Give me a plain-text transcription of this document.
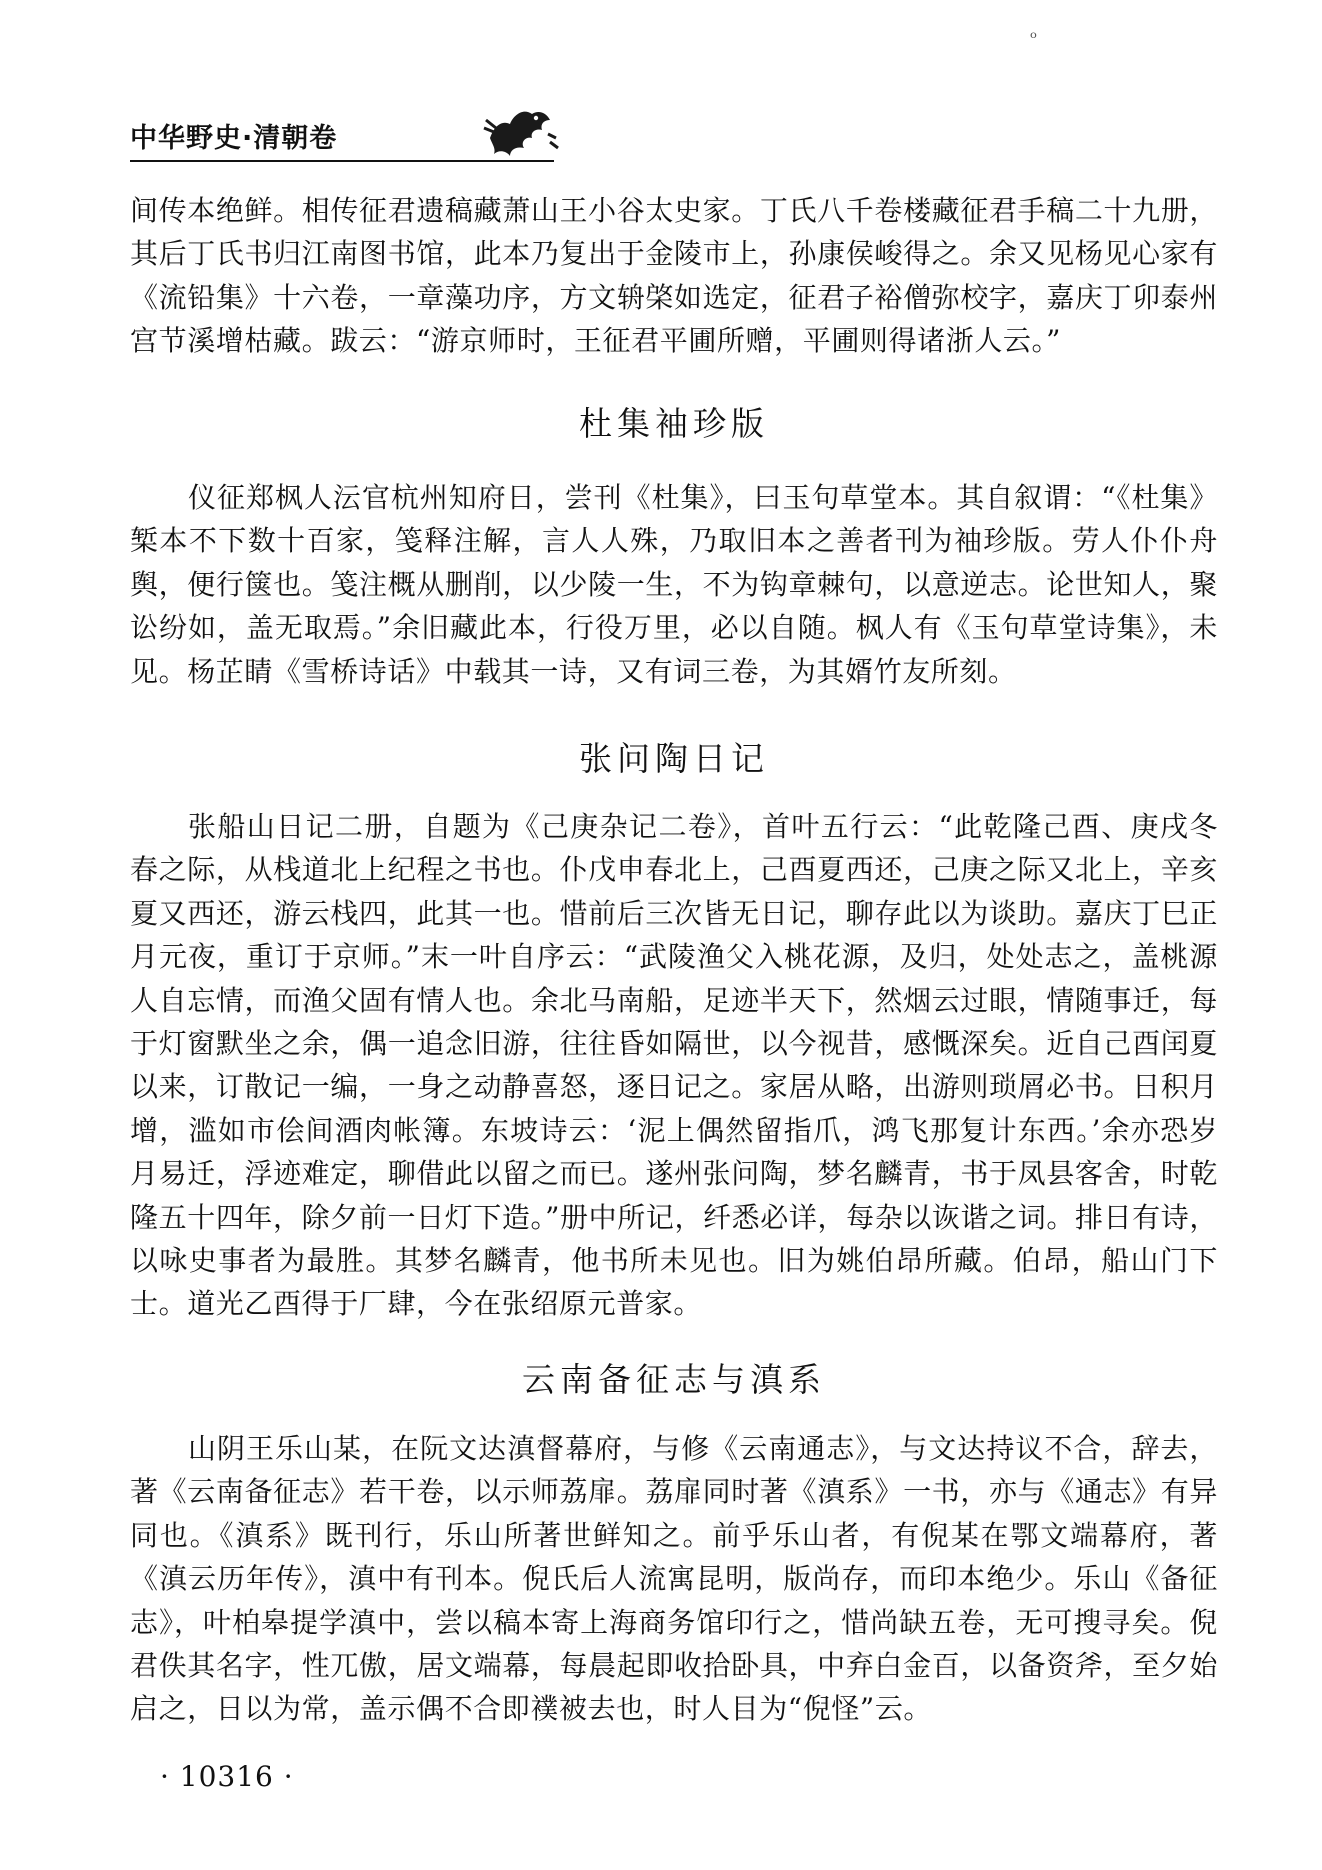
ₒ
中华野史·清朝卷

间传本绝鲜。相传征君遗稿藏萧山王小谷太史家。丁氏八千卷楼藏征君手稿二十九册，其后丁氏书归江南图书馆，此本乃复出于金陵市上，孙康侯峻得之。余又见杨见心家有《流铅集》十六卷，一章藻功序，方文辀棨如选定，征君子裕僧弥校字，嘉庆丁卯泰州宫节溪增枯藏。跋云：“游京师时，王征君平圃所赠，平圃则得诸浙人云。”

杜集袖珍版

仪征郑枫人沄官杭州知府日，尝刊《杜集》，曰玉句草堂本。其自叙谓：“《杜集》椠本不下数十百家，笺释注解，言人人殊，乃取旧本之善者刊为袖珍版。劳人仆仆舟舆，便行箧也。笺注概从删削，以少陵一生，不为钩章棘句，以意逆志。论世知人，聚讼纷如，盖无取焉。”余旧藏此本，行役万里，必以自随。枫人有《玉句草堂诗集》，未见。杨芷睛《雪桥诗话》中载其一诗，又有词三卷，为其婿竹友所刻。

张问陶日记

张船山日记二册，自题为《己庚杂记二卷》，首叶五行云：“此乾隆己酉、庚戌冬春之际，从栈道北上纪程之书也。仆戊申春北上，己酉夏西还，己庚之际又北上，辛亥夏又西还，游云栈四，此其一也。惜前后三次皆无日记，聊存此以为谈助。嘉庆丁巳正月元夜，重订于京师。”末一叶自序云：“武陵渔父入桃花源，及归，处处志之，盖桃源人自忘情，而渔父固有情人也。余北马南船，足迹半天下，然烟云过眼，情随事迁，每于灯窗默坐之余，偶一追念旧游，往往昏如隔世，以今视昔，感慨深矣。近自己酉闰夏以来，订散记一编，一身之动静喜怒，逐日记之。家居从略，出游则琐屑必书。日积月增，滥如市侩间酒肉帐簿。东坡诗云：‘泥上偶然留指爪，鸿飞那复计东西。’余亦恐岁月易迁，浮迹难定，聊借此以留之而已。遂州张问陶，梦名麟青，书于凤县客舍，时乾隆五十四年，除夕前一日灯下造。”册中所记，纤悉必详，每杂以诙谐之词。排日有诗，以咏史事者为最胜。其梦名麟青，他书所未见也。旧为姚伯昂所藏。伯昂，船山门下士。道光乙酉得于厂肆，今在张绍原元普家。

云南备征志与滇系

山阴王乐山某，在阮文达滇督幕府，与修《云南通志》，与文达持议不合，辞去，著《云南备征志》若干卷，以示师荔扉。荔扉同时著《滇系》一书，亦与《通志》有异同也。《滇系》既刊行，乐山所著世鲜知之。前乎乐山者，有倪某在鄂文端幕府，著《滇云历年传》，滇中有刊本。倪氏后人流寓昆明，版尚存，而印本绝少。乐山《备征志》，叶柏皋提学滇中，尝以稿本寄上海商务馆印行之，惜尚缺五卷，无可搜寻矣。倪君佚其名字，性兀傲，居文端幕，每晨起即收拾卧具，中弃白金百，以备资斧，至夕始启之，日以为常，盖示偶不合即襆被去也，时人目为“倪怪”云。

· 10316 ·
